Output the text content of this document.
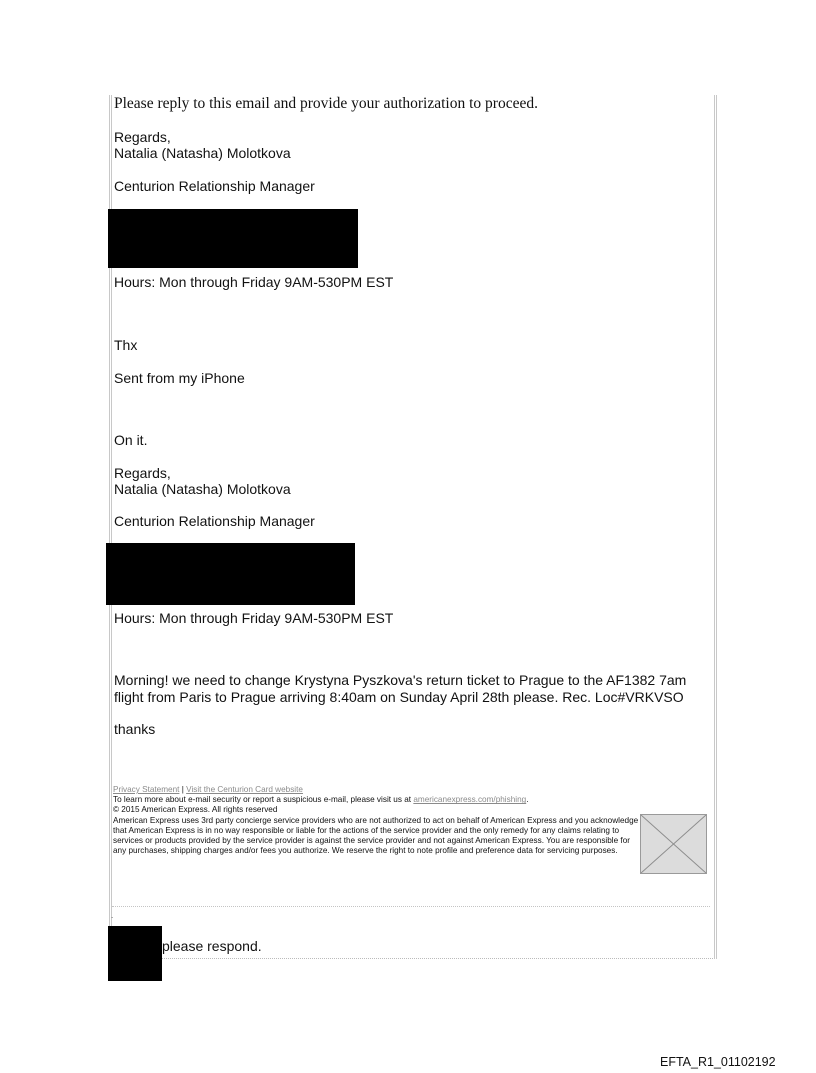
Please reply to this email and provide your authorization to proceed.
Regards,
Natalia (Natasha) Molotkova
Centurion Relationship Manager
Hours: Mon through Friday 9AM-530PM EST
Thx
Sent from my iPhone
On it.
Regards,
Natalia (Natasha) Molotkova
Centurion Relationship Manager
Hours: Mon through Friday 9AM-530PM EST
Morning! we need to change Krystyna Pyszkova's return ticket to Prague to the AF1382 7am
flight from Paris to Prague arriving 8:40am on Sunday April 28th please. Rec. Loc#VRKVSO
thanks
Privacy Statement | Visit the Centurion Card website
To learn more about e-mail security or report a suspicious e-mail, please visit us at americanexpress.com/phishing.
© 2015 American Express. All rights reserved
American Express uses 3rd party concierge service providers who are not authorized to act on behalf of American Express and you acknowledge that American Express is in no way responsible or liable for the actions of the service provider and the only remedy for any claims relating to services or products provided by the service provider is against the service provider and not against American Express. You are responsible for any purchases, shipping charges and/or fees you authorize. We reserve the right to note profile and preference data for servicing purposes.
.
please respond.
EFTA_R1_01102192
